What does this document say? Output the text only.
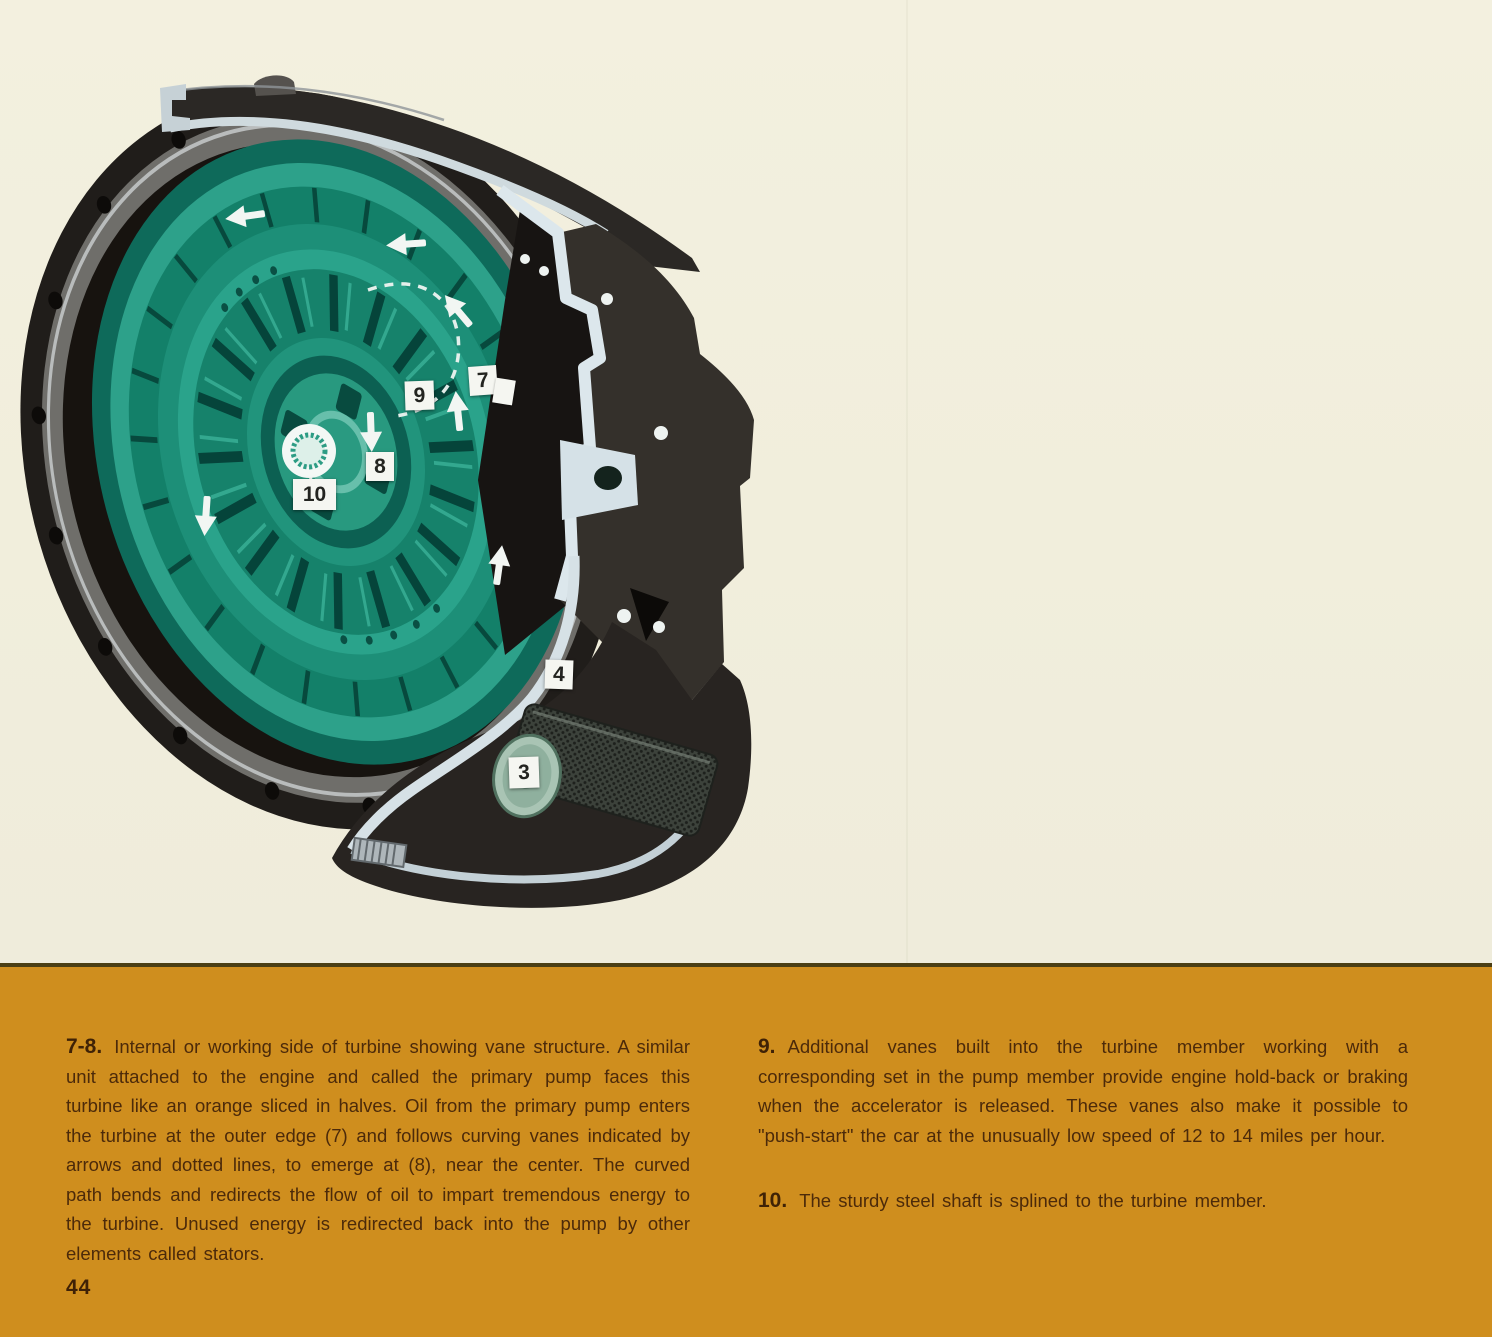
9
7
8
10
4
3

7-8. Internal or working side of turbine showing vane structure. A similar unit attached to the engine and called the primary pump faces this turbine like an orange sliced in halves. Oil from the primary pump enters the turbine at the outer edge (7) and follows curving vanes indicated by arrows and dotted lines, to emerge at (8), near the center. The curved path bends and redirects the flow of oil to impart tremendous energy to the turbine. Unused energy is redirected back into the pump by other elements called stators.

9. Additional vanes built into the turbine member working with a corresponding set in the pump member provide engine hold-back or braking when the accelerator is released. These vanes also make it possible to "push-start" the car at the unusually low speed of 12 to 14 miles per hour.

10. The sturdy steel shaft is splined to the turbine member.

44
